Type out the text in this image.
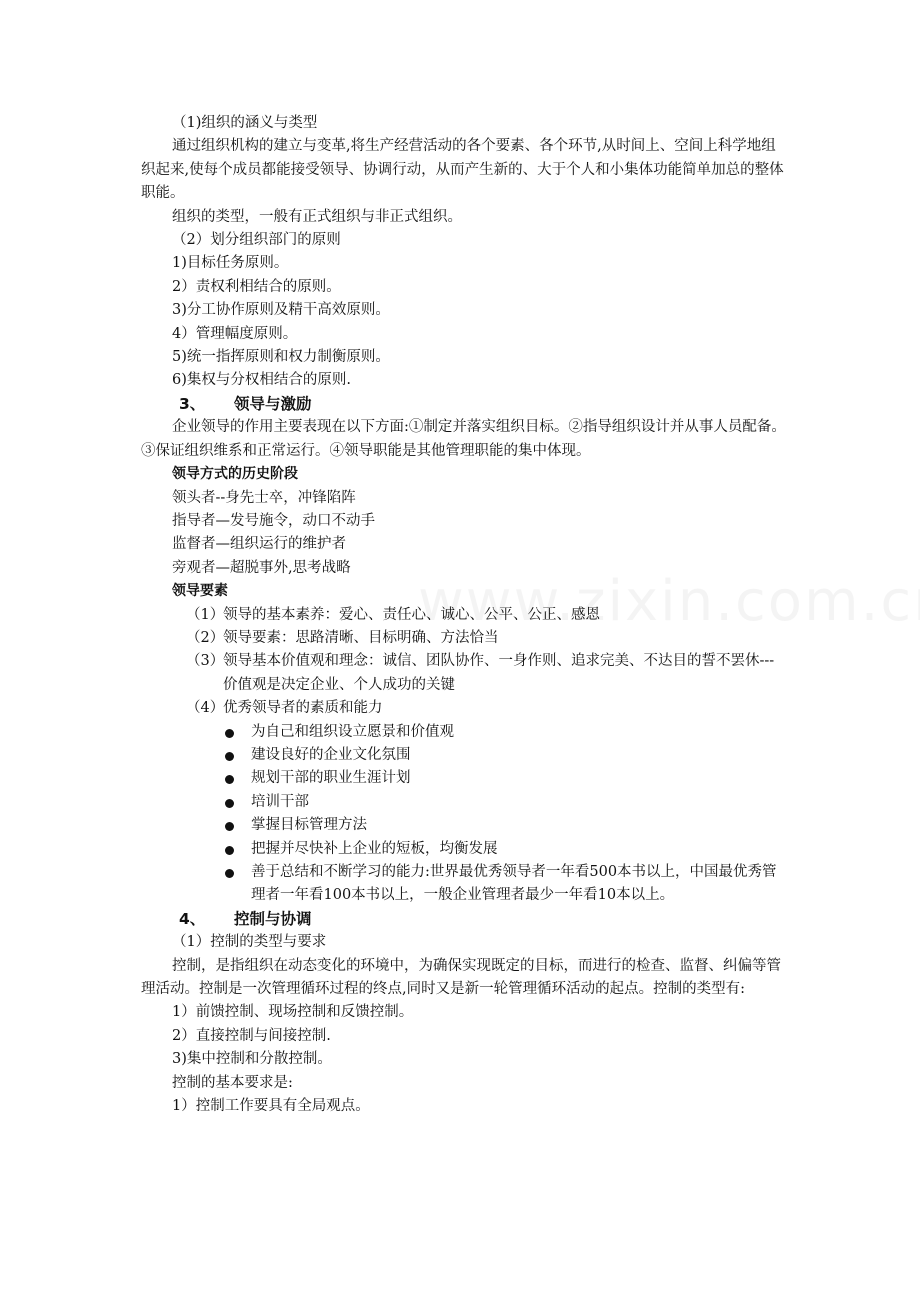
（1)组织的涵义与类型

通过组织机构的建立与变革,将生产经营活动的各个要素、各个环节,从时间上、空间上科学地组织起来,使每个成员都能接受领导、协调行动，从而产生新的、大于个人和小集体功能简单加总的整体职能。

组织的类型，一般有正式组织与非正式组织。

（2）划分组织部门的原则

1)目标任务原则。

2）责权利相结合的原则。

3)分工协作原则及精干高效原则。

4）管理幅度原则。

5)统一指挥原则和权力制衡原则。

6)集权与分权相结合的原则.

3、 领导与激励

企业领导的作用主要表现在以下方面:①制定并落实组织目标。②指导组织设计并从事人员配备。③保证组织维系和正常运行。④领导职能是其他管理职能的集中体现。

领导方式的历史阶段

领头者--身先士卒，冲锋陷阵

指导者—发号施令，动口不动手

监督者—组织运行的维护者

旁观者—超脱事外,思考战略

领导要素

（1）
领导的基本素养：爱心、责任心、诚心、公平、公正、感恩
（2）
领导要素：思路清晰、目标明确、方法恰当
（3）
领导基本价值观和理念：诚信、团队协作、一身作则、追求完美、不达目的誓不罢休---价值观是决定企业、个人成功的关键
（4）
优秀领导者的素质和能力
为自己和组织设立愿景和价值观
建设良好的企业文化氛围
规划干部的职业生涯计划
培训干部
掌握目标管理方法
把握并尽快补上企业的短板，均衡发展
善于总结和不断学习的能力:世界最优秀领导者一年看500本书以上，中国最优秀管理者一年看100本书以上，一般企业管理者最少一年看10本以上。

4、 控制与协调

（1）控制的类型与要求

控制，是指组织在动态变化的环境中，为确保实现既定的目标，而进行的检查、监督、纠偏等管理活动。控制是一次管理循环过程的终点,同时又是新一轮管理循环活动的起点。控制的类型有:

1）前馈控制、现场控制和反馈控制。

2）直接控制与间接控制.

3)集中控制和分散控制。

控制的基本要求是:

1）控制工作要具有全局观点。
